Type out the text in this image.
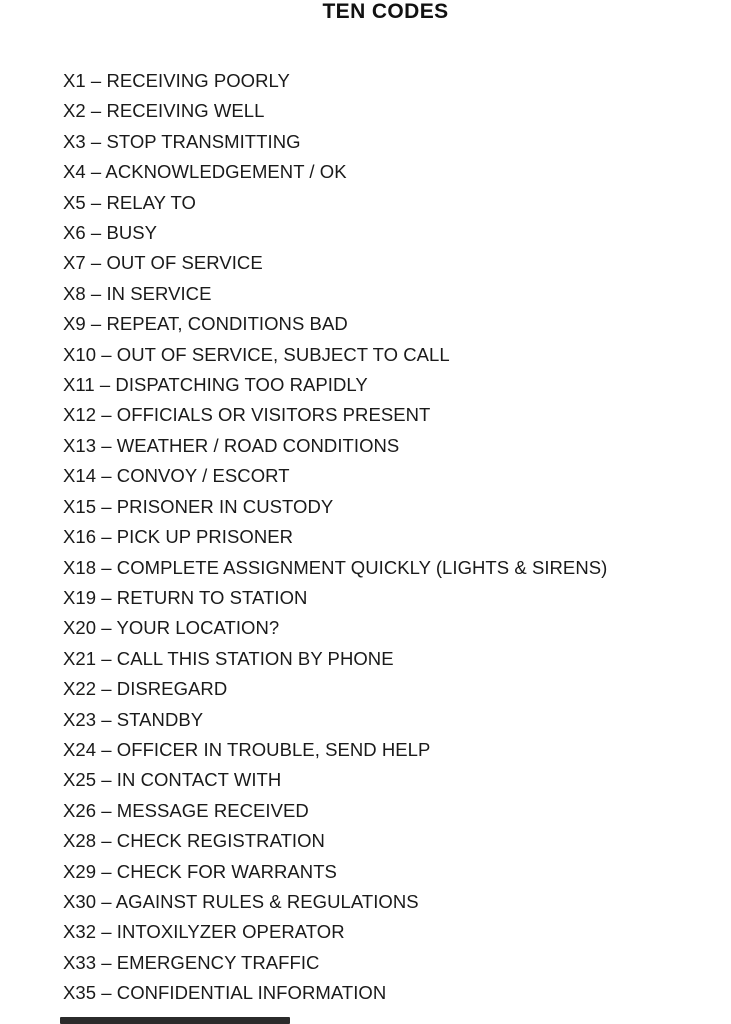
TEN CODES
X1 – RECEIVING POORLY
X2 – RECEIVING WELL
X3 – STOP TRANSMITTING
X4 – ACKNOWLEDGEMENT / OK
X5 – RELAY TO
X6 – BUSY
X7 – OUT OF SERVICE
X8 – IN SERVICE
X9 – REPEAT, CONDITIONS BAD
X10 – OUT OF SERVICE, SUBJECT TO CALL
X11 – DISPATCHING TOO RAPIDLY
X12 – OFFICIALS OR VISITORS PRESENT
X13 – WEATHER / ROAD CONDITIONS
X14 – CONVOY / ESCORT
X15 – PRISONER IN CUSTODY
X16 – PICK UP PRISONER
X18 – COMPLETE ASSIGNMENT QUICKLY (LIGHTS & SIRENS)
X19 – RETURN TO STATION
X20 – YOUR LOCATION?
X21 – CALL THIS STATION BY PHONE
X22 – DISREGARD
X23 – STANDBY
X24 – OFFICER IN TROUBLE, SEND HELP
X25 – IN CONTACT WITH
X26 – MESSAGE RECEIVED
X28 – CHECK REGISTRATION
X29 – CHECK FOR WARRANTS
X30 – AGAINST RULES & REGULATIONS
X32 – INTOXILYZER OPERATOR
X33 – EMERGENCY TRAFFIC
X35 – CONFIDENTIAL INFORMATION
